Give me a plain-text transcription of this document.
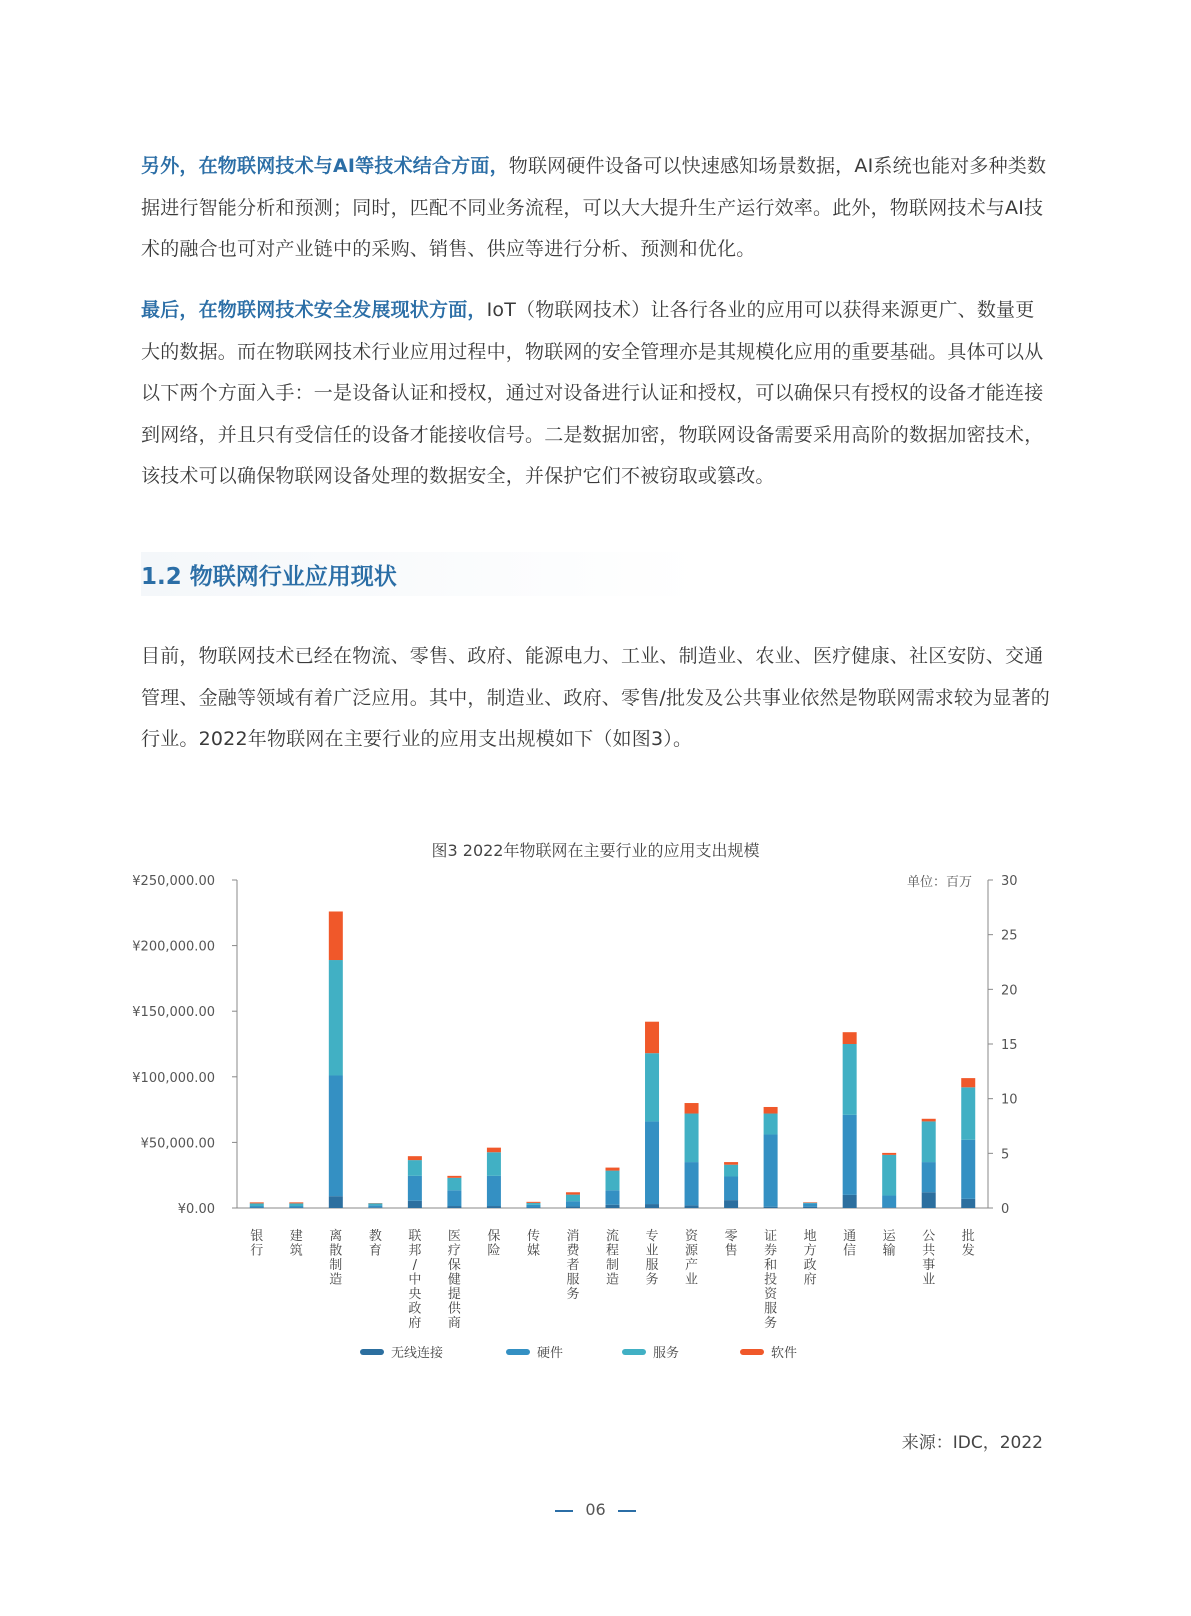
另外，在物联网技术与AI等技术结合方面，物联网硬件设备可以快速感知场景数据，AI系统也能对多种类数据进行智能分析和预测；同时，匹配不同业务流程，可以大大提升生产运行效率。此外，物联网技术与AI技术的融合也可对产业链中的采购、销售、供应等进行分析、预测和优化。

最后，在物联网技术安全发展现状方面，IoT（物联网技术）让各行各业的应用可以获得来源更广、数量更大的数据。而在物联网技术行业应用过程中，物联网的安全管理亦是其规模化应用的重要基础。具体可以从以下两个方面入手：一是设备认证和授权，通过对设备进行认证和授权，可以确保只有授权的设备才能连接到网络，并且只有受信任的设备才能接收信号。二是数据加密，物联网设备需要采用高阶的数据加密技术，该技术可以确保物联网设备处理的数据安全，并保护它们不被窃取或篡改。

1.2 物联网行业应用现状

目前，物联网技术已经在物流、零售、政府、能源电力、工业、制造业、农业、医疗健康、社区安防、交通管理、金融等领域有着广泛应用。其中，制造业、政府、零售/批发及公共事业依然是物联网需求较为显著的行业。2022年物联网在主要行业的应用支出规模如下（如图3）。

图3 2022年物联网在主要行业的应用支出规模
¥0.00
¥50,000.00
¥100,000.00
¥150,000.00
¥200,000.00
¥250,000.00
0
5
10
15
20
25
30
单位：百万
银行
建筑
离散制造
教育
联邦/中央政府
医疗保健提供商
保险
传媒
消费者服务
流程制造
专业服务
资源产业
零售
证券和投资服务
地方政府
通信
运输
公共事业
批发
无线连接	硬件	服务	软件
来源：IDC，2022
06
